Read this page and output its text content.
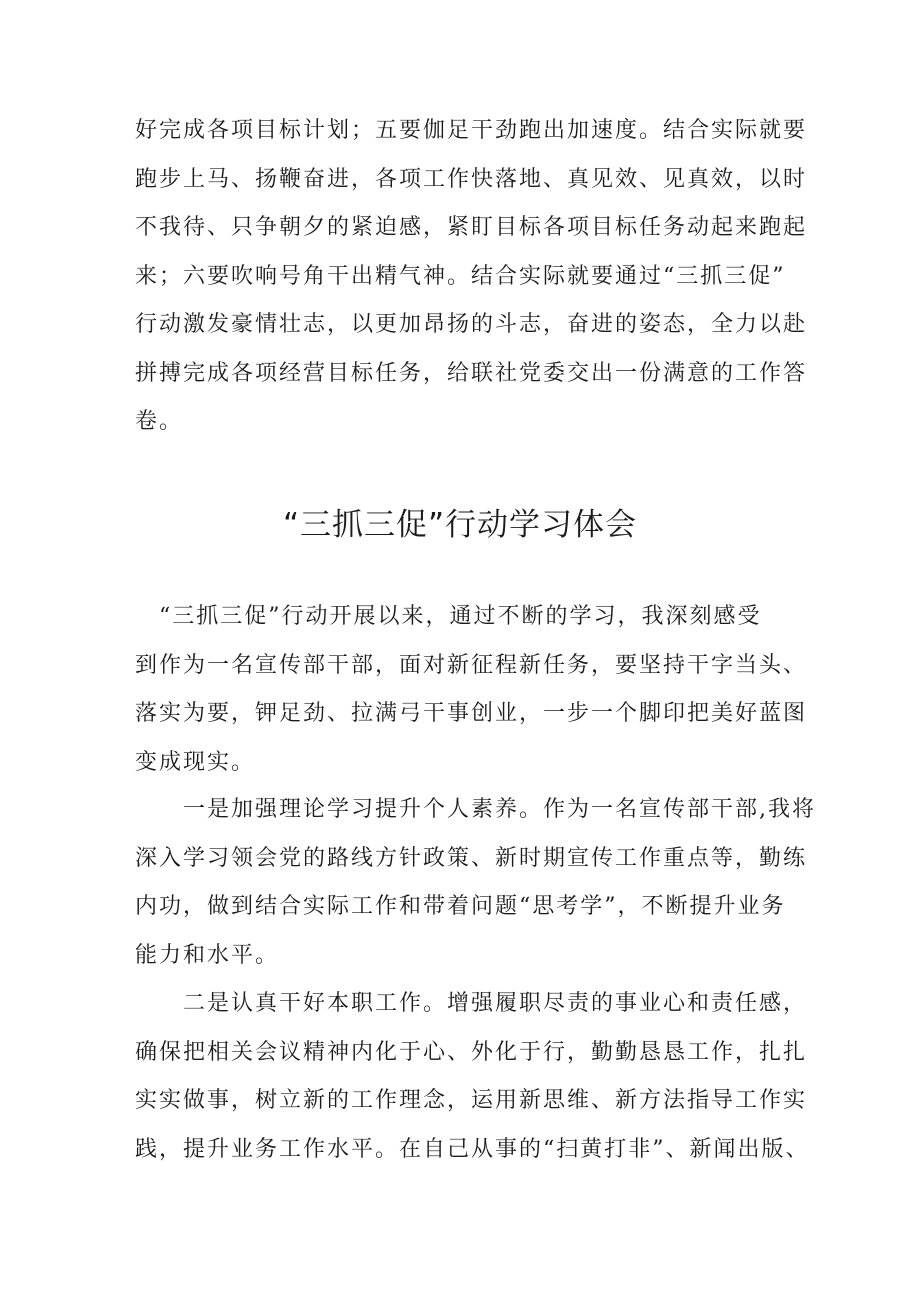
好完成各项目标计划；五要伽足干劲跑出加速度。结合实际就要
跑步上马、扬鞭奋进，各项工作快落地、真见效、见真效，以时
不我待、只争朝夕的紧迫感，紧盯目标各项目标任务动起来跑起
来；六要吹响号角干出精气神。结合实际就要通过“三抓三促”
行动激发豪情壮志，以更加昂扬的斗志，奋进的姿态，全力以赴
拼搏完成各项经营目标任务，给联社党委交出一份满意的工作答
卷。
“三抓三促”行动学习体会
　“三抓三促”行动开展以来，通过不断的学习，我深刻感受
到作为一名宣传部干部，面对新征程新任务，要坚持干字当头、
落实为要，钾足劲、拉满弓干事创业，一步一个脚印把美好蓝图
变成现实。
　　一是加强理论学习提升个人素养。作为一名宣传部干部,我将
深入学习领会党的路线方针政策、新时期宣传工作重点等，勤练
内功，做到结合实际工作和带着问题“思考学”，不断提升业务
能力和水平。
　　二是认真干好本职工作。增强履职尽责的事业心和责任感，
确保把相关会议精神内化于心、外化于行，勤勤恳恳工作，扎扎
实实做事，树立新的工作理念，运用新思维、新方法指导工作实
践，提升业务工作水平。在自己从事的“扫黄打非”、新闻出版、
